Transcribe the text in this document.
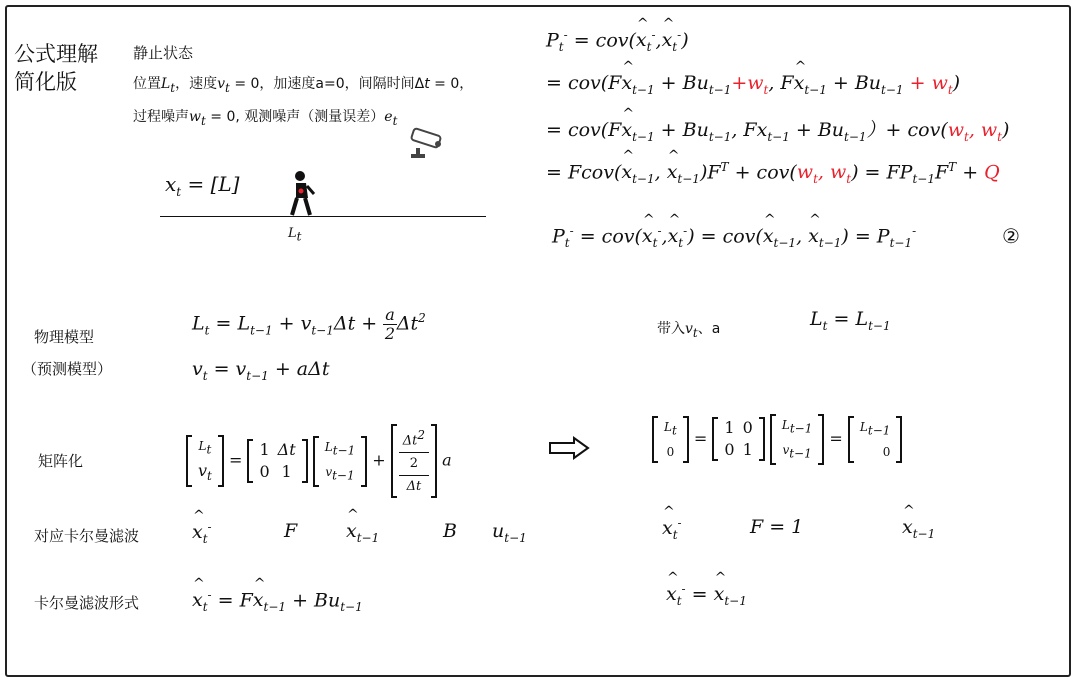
公式理解
简化版
静止状态
位置$L_t$，速度$v_t = 0$，加速度a=0，间隔时间Δt = 0，
过程噪声$w_t = 0$, 观测噪声（测量误差）$e_t$
$x_t = [L]$
$L_t$
$P_t^-$ = cov(^ $x_t^-,\^{}$ $x_t^-$)
= cov(F^ $x_{t-1} + Bu_{t-1}+w_t$, F^ $x_{t-1} + Bu_{t-1} + w_t$)
= cov(F^ $x_{t-1} + Bu_{t-1}$, $Fx_{t-1} + Bu_{t-1})+ cov(w_t$, $w_t$)
= Fcov(^ $x_{t-1}$, ^ $x_{t-1})F^T + cov(w_t$, $w_t) = FP_{t-1}F^T + Q$
$P_t^-$ = cov(^ $x_t^-,\^{}$ $x_t^-$) = cov(^ $x_{t-1}$, ^ $x_{t-1}) = P_{t-1}^-$	②
物理模型
（预测模型）
$L_t = L_{t-1} + v_{t-1}\Delta t + \frac{a}{2} \Delta t^2$
$v_t = v_{t-1} + a\Delta t$
带入$v_t$、a	$L_t = L_{t-1}$
矩阵化
$L_t$
$v_t$
=
1	Δt
0	1

$L_{t-1}$
$v_{t-1}$
+
$\Delta t^2$
2
Δt
a
$L_t$
0
=
1	0
0	1

$L_{t-1}$
$v_{t-1}$
=
$L_{t-1}$
0
对应卡尔曼滤波	^ $x_t^-$	F	^ $x_{t-1}$	B $u_{t-1}$	^ $x_t^-$	F = 1	^ $x_{t-1}$
卡尔曼滤波形式	^ $x_t^-$ = F^ $x_{t-1} + Bu_{t-1}$
^ $x_t^-$ = ^ $x_{t-1}$
